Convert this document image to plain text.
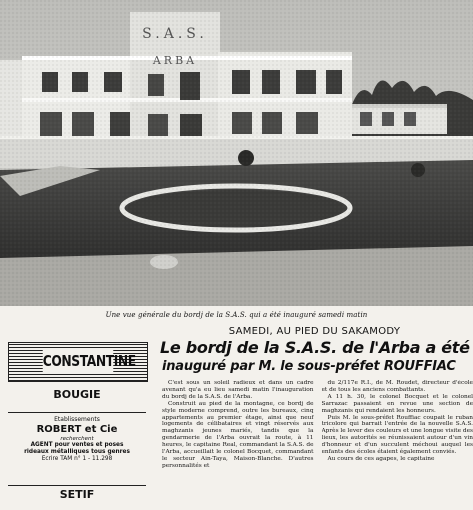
Une vue générale du bordj de la S.A.S. qui a été inauguré samedi matin
CONSTANTINE
BOUGIE
Etablissements
ROBERT et Cie
recherchent
AGENT pour ventes et poses
rideaux métalliques tous genres
Ecrire TAM n° 1 - 11.298
SETIF
SAMEDI, AU PIED DU SAKAMODY
Le bordj de la S.A.S. de l'Arba a été
inauguré par M. le sous-préfet ROUFFIAC

C'est sous un soleil radieux et dans un cadre avenant qu'a eu lieu samedi matin l'inauguration du bordj de la S.A.S. de l'Arba.

Construit au pied de la montagne, ce bordj de style moderne comprend, outre les bureaux, cinq appartements au premier étage, ainsi que neuf logements de célibataires et vingt réservés aux maghzanis jeunes mariés, tandis que la gendarmerie de l'Arba ouvrait la route, à 11 heures, le capitaine Real, commandant la S.A.S. de l'Arba, accueillait le colonel Bocquet, commandant le secteur Ain-Taya, Maison-Blanche. D'autres personnalités et

du 2/117e R.I., de M. Roudet, directeur d'école et de tous les anciens combattants.

A 11 h. 30, le colonel Bocquet et le colonel Sarrazac passaient en revue une section de maghzanis qui rendaient les honneurs.

Puis M. le sous-préfet Rouffiac coupait le ruban tricolore qui barrait l'entrée de la nouvelle S.A.S. Après le lever des couleurs et une longue visite des lieux, les autorités se réunissaient autour d'un vin d'honneur et d'un succulent méchoui auquel les enfants des écoles étaient également conviés.

Au cours de ces agapes, le capitaine
